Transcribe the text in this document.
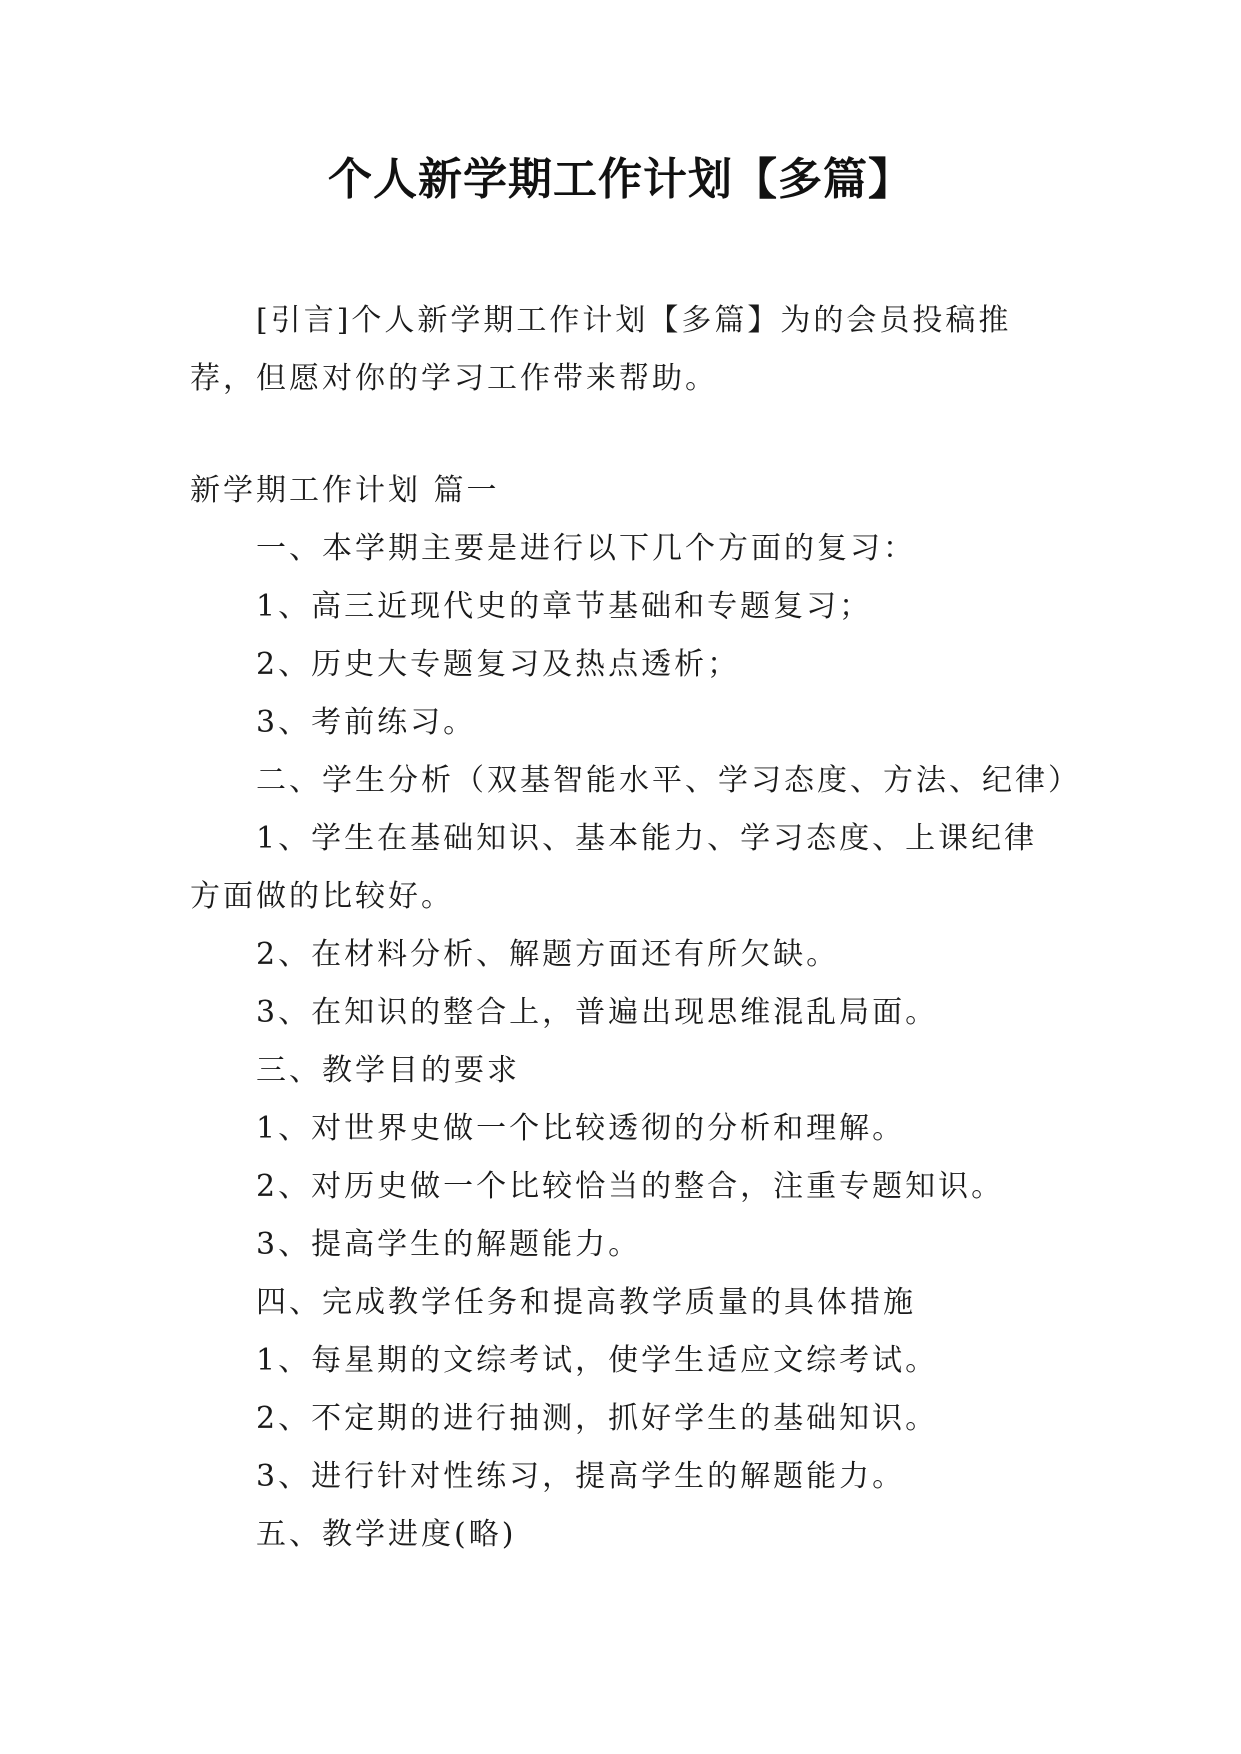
个人新学期工作计划【多篇】
[引言]个人新学期工作计划【多篇】为的会员投稿推荐，但愿对你的学习工作带来帮助。
新学期工作计划 篇一
一、本学期主要是进行以下几个方面的复习：
1、高三近现代史的章节基础和专题复习；
2、历史大专题复习及热点透析；
3、考前练习。
二、学生分析（双基智能水平、学习态度、方法、纪律）
1、学生在基础知识、基本能力、学习态度、上课纪律方面做的比较好。
2、在材料分析、解题方面还有所欠缺。
3、在知识的整合上，普遍出现思维混乱局面。
三、教学目的要求
1、对世界史做一个比较透彻的分析和理解。
2、对历史做一个比较恰当的整合，注重专题知识。
3、提高学生的解题能力。
四、完成教学任务和提高教学质量的具体措施
1、每星期的文综考试，使学生适应文综考试。
2、不定期的进行抽测，抓好学生的基础知识。
3、进行针对性练习，提高学生的解题能力。
五、教学进度(略)
